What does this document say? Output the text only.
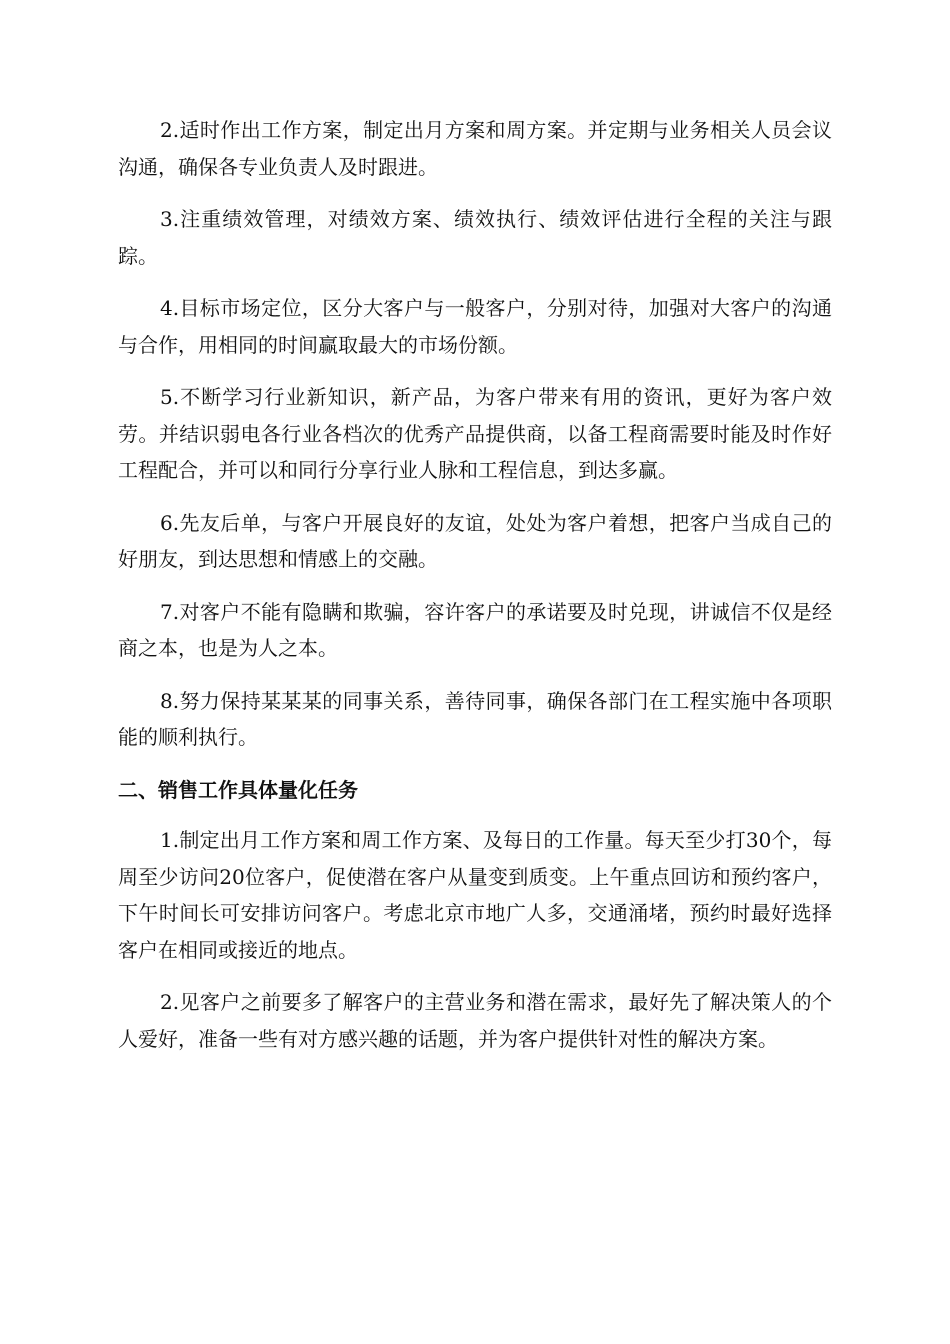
2.适时作出工作方案，制定出月方案和周方案。并定期与业务相关人员会议沟通，确保各专业负责人及时跟进。

3.注重绩效管理，对绩效方案、绩效执行、绩效评估进行全程的关注与跟踪。

4.目标市场定位，区分大客户与一般客户，分别对待，加强对大客户的沟通与合作，用相同的时间赢取最大的市场份额。

5.不断学习行业新知识，新产品，为客户带来有用的资讯，更好为客户效劳。并结识弱电各行业各档次的优秀产品提供商，以备工程商需要时能及时作好工程配合，并可以和同行分享行业人脉和工程信息，到达多赢。

6.先友后单，与客户开展良好的友谊，处处为客户着想，把客户当成自己的好朋友，到达思想和情感上的交融。

7.对客户不能有隐瞒和欺骗，容许客户的承诺要及时兑现，讲诚信不仅是经商之本，也是为人之本。

8.努力保持某某某的同事关系，善待同事，确保各部门在工程实施中各项职能的顺利执行。

二、销售工作具体量化任务

1.制定出月工作方案和周工作方案、及每日的工作量。每天至少打30个，每周至少访问20位客户，促使潜在客户从量变到质变。上午重点回访和预约客户，下午时间长可安排访问客户。考虑北京市地广人多，交通涌堵，预约时最好选择客户在相同或接近的地点。

2.见客户之前要多了解客户的主营业务和潜在需求，最好先了解决策人的个人爱好，准备一些有对方感兴趣的话题，并为客户提供针对性的解决方案。
